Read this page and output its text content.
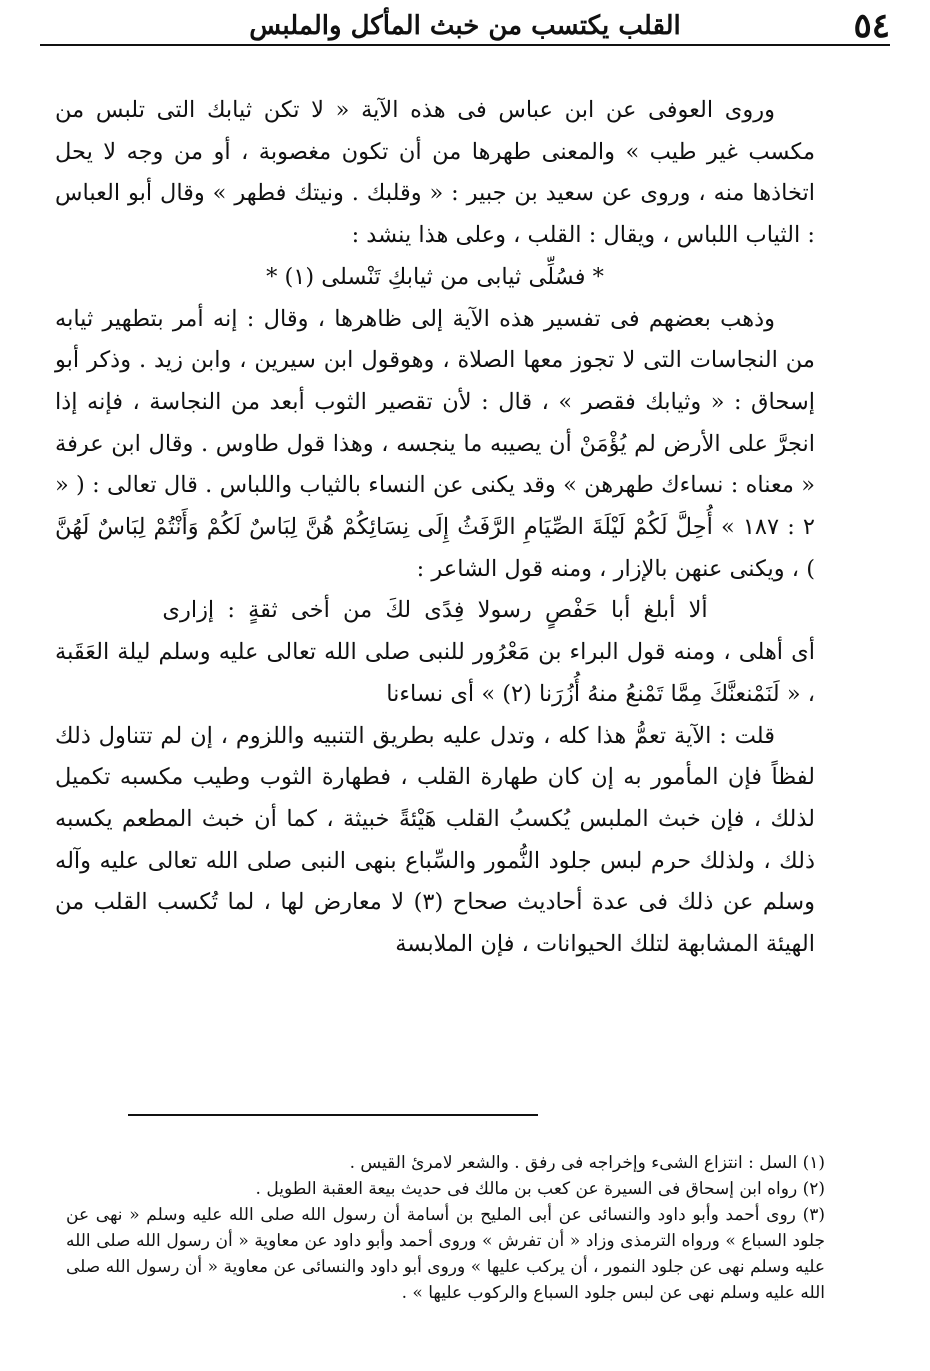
٥٤
القلب يكتسب من خبث المأكل والملبس

وروى العوفى عن ابن عباس فى هذه الآية « لا تكن ثيابك التى تلبس من مكسب غير طيب » والمعنى طهرها من أن تكون مغصوبة ، أو من وجه لا يحل اتخاذها منه ، وروى عن سعيد بن جبير : « وقلبك . ونيتك فطهر » وقال أبو العباس : الثياب اللباس ، ويقال : القلب ، وعلى هذا ينشد :

* فسُلِّى ثيابى من ثيابكِ تَنْسلى (١) *

وذهب بعضهم فى تفسير هذه الآية إلى ظاهرها ، وقال : إنه أمر بتطهير ثيابه من النجاسات التى لا تجوز معها الصلاة ، وهوقول ابن سيرين ، وابن زيد . وذكر أبو إسحاق : « وثيابك فقصر » ، قال : لأن تقصير الثوب أبعد من النجاسة ، فإنه إذا انجرَّ على الأرض لم يُؤْمَنْ أن يصيبه ما ينجسه ، وهذا قول طاوس . وقال ابن عرفة « معناه : نساءك طهرهن » وقد يكنى عن النساء بالثياب واللباس . قال تعالى : ( « ٢ : ١٨٧ » أُحِلَّ لَكُمْ لَيْلَةَ الصِّيَامِ الرَّفَثُ إِلَى نِسَائِكُمْ هُنَّ لِبَاسٌ لَكُمْ وَأَنْتُمْ لِبَاسٌ لَهُنَّ ) ، ويكنى عنهن بالإزار ، ومنه قول الشاعر :

ألا أبلغ أبا حَفْصٍ رسولا فِدًى لكَ من أخى ثقةٍ : إزارى

أى أهلى ، ومنه قول البراء بن مَعْرُور للنبى صلى الله تعالى عليه وسلم ليلة العَقَبة ، « لَنَمْنعنَّكَ مِمَّا تَمْنعُ منهُ أُزُرَنا (٢) » أى نساءنا

قلت : الآية تعمُّ هذا كله ، وتدل عليه بطريق التنبيه واللزوم ، إن لم تتناول ذلك لفظاً فإن المأمور به إن كان طهارة القلب ، فطهارة الثوب وطيب مكسبه تكميل لذلك ، فإن خبث الملبس يُكسبُ القلب هَيْئةً خبيثة ، كما أن خبث المطعم يكسبه ذلك ، ولذلك حرم لبس جلود النُّمور والسِّباع بنهى النبى صلى الله تعالى عليه وآله وسلم عن ذلك فى عدة أحاديث صحاح (٣) لا معارض لها ، لما تُكسب القلب من الهيئة المشابهة لتلك الحيوانات ، فإن الملابسة

(١) السل : انتزاع الشىء وإخراجه فى رفق . والشعر لامرئ القيس .

(٢) رواه ابن إسحاق فى السيرة عن كعب بن مالك فى حديث بيعة العقبة الطويل .

(٣) روى أحمد وأبو داود والنسائى عن أبى المليح بن أسامة أن رسول الله صلى الله عليه وسلم « نهى عن جلود السباع » ورواه الترمذى وزاد « أن تفرش » وروى أحمد وأبو داود عن معاوية « أن رسول الله صلى الله عليه وسلم نهى عن جلود النمور ، أن يركب عليها » وروى أبو داود والنسائى عن معاوية « أن رسول الله صلى الله عليه وسلم نهى عن لبس جلود السباع والركوب عليها » .
